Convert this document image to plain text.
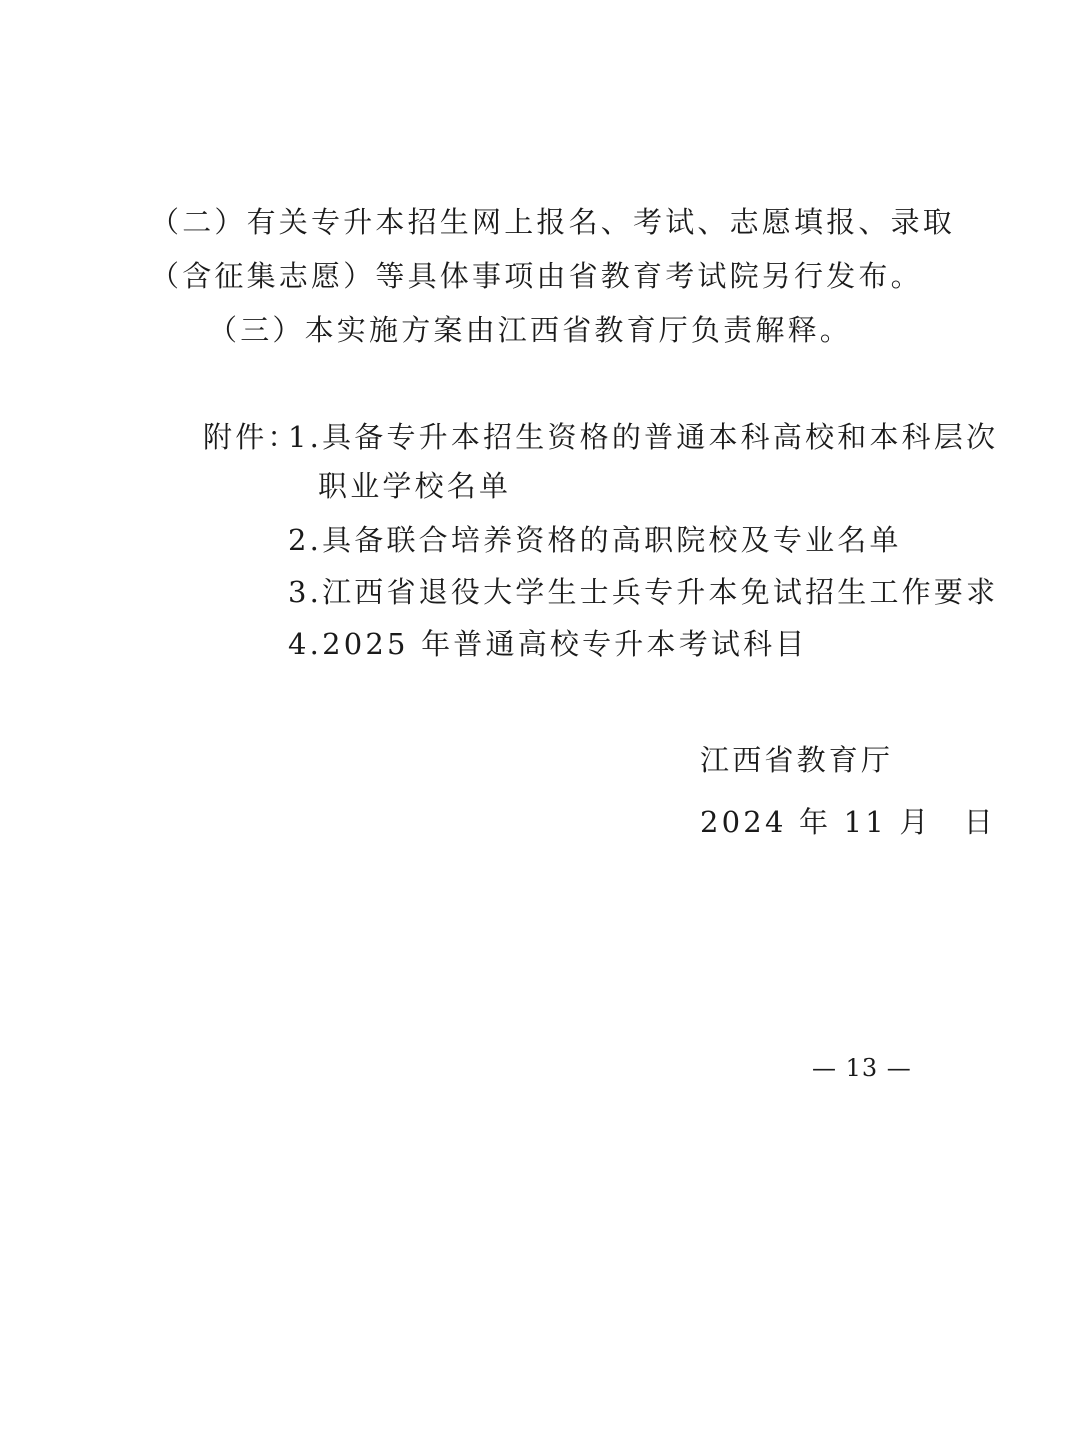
（二）有关专升本招生网上报名、考试、志愿填报、录取
（含征集志愿）等具体事项由省教育考试院另行发布。
（三）本实施方案由江西省教育厅负责解释。
附件：
1.具备专升本招生资格的普通本科高校和本科层次
职业学校名单
2.具备联合培养资格的高职院校及专业名单
3.江西省退役大学生士兵专升本免试招生工作要求
4.2025 年普通高校专升本考试科目
江西省教育厅
2024 年 11 月　日
— 13 —
